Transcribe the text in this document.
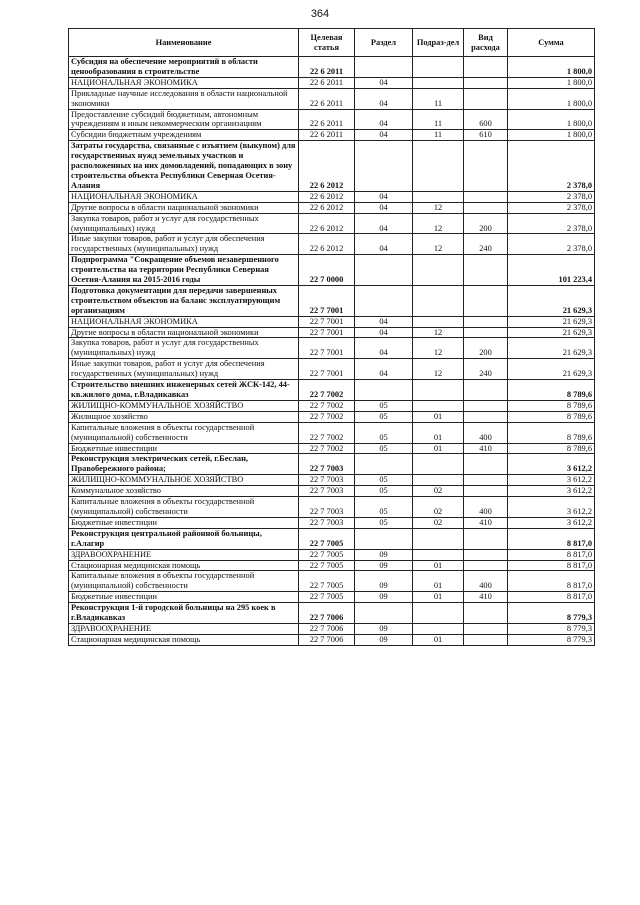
364
Наименование	Целевая статья	Раздел	Подраз-дел	Вид расхода	Сумма
Субсидия на обеспечение мероприятий в области ценообразования в строительстве	22 6 2011				1 800,0
НАЦИОНАЛЬНАЯ ЭКОНОМИКА	22 6 2011	04			1 800,0
Прикладные научные исследования в области национальной экономики	22 6 2011	04	11		1 800,0
Предоставление субсидий бюджетным, автономным учреждениям и иным некоммерческим организациям	22 6 2011	04	11	600	1 800,0
Субсидии бюджетным учреждениям	22 6 2011	04	11	610	1 800,0
Затраты государства, связанные с изъятием (выкупом) для государственных нужд земельных участков и расположенных на них домовладений, попадающих в зону строительства объекта Республики Северная Осетия-Алания	22 6 2012				2 378,0
НАЦИОНАЛЬНАЯ ЭКОНОМИКА	22 6 2012	04			2 378,0
Другие вопросы в области национальной экономики	22 6 2012	04	12		2 378,0
Закупка товаров, работ и услуг для государственных (муниципальных) нужд	22 6 2012	04	12	200	2 378,0
Иные закупки товаров, работ и услуг для обеспечения государственных (муниципальных) нужд	22 6 2012	04	12	240	2 378,0
Подпрограмма "Сокращение объемов незавершенного строительства на территории Республики Северная Осетия-Алания на 2015-2016 годы	22 7 0000				101 223,4
Подготовка документации для передачи завершенных строительством объектов на баланс эксплуатирующим организациям	22 7 7001				21 629,3
НАЦИОНАЛЬНАЯ ЭКОНОМИКА	22 7 7001	04			21 629,3
Другие вопросы в области национальной экономики	22 7 7001	04	12		21 629,3
Закупка товаров, работ и услуг для государственных (муниципальных) нужд	22 7 7001	04	12	200	21 629,3
Иные закупки товаров, работ и услуг для обеспечения государственных (муниципальных) нужд	22 7 7001	04	12	240	21 629,3
Строительство внешних инженерных сетей ЖСК-142, 44-кв.жилого дома, г.Владикавказ	22 7 7002				8 789,6
ЖИЛИЩНО-КОММУНАЛЬНОЕ ХОЗЯЙСТВО	22 7 7002	05			8 789,6
Жилищное хозяйство	22 7 7002	05	01		8 789,6
Капитальные вложения в объекты государственной (муниципальной) собственности	22 7 7002	05	01	400	8 789,6
Бюджетные инвестиции	22 7 7002	05	01	410	8 789,6
Реконструкция электрических сетей, г.Беслан, Правобережного района;	22 7 7003				3 612,2
ЖИЛИЩНО-КОММУНАЛЬНОЕ ХОЗЯЙСТВО	22 7 7003	05			3 612,2
Коммунальное хозяйство	22 7 7003	05	02		3 612,2
Капитальные вложения в объекты государственной (муниципальной) собственности	22 7 7003	05	02	400	3 612,2
Бюджетные инвестиции	22 7 7003	05	02	410	3 612,2
Реконструкция центральной районной больницы, г.Алагир	22 7 7005				8 817,0
ЗДРАВООХРАНЕНИЕ	22 7 7005	09			8 817,0
Стационарная медицинская помощь	22 7 7005	09	01		8 817,0
Капитальные вложения в объекты государственной (муниципальной) собственности	22 7 7005	09	01	400	8 817,0
Бюджетные инвестиции	22 7 7005	09	01	410	8 817,0
Реконструкция 1-й городской больницы на 295 коек в г.Владикавказ	22 7 7006				8 779,3
ЗДРАВООХРАНЕНИЕ	22 7 7006	09			8 779,3
Стационарная медицинская помощь	22 7 7006	09	01		8 779,3
